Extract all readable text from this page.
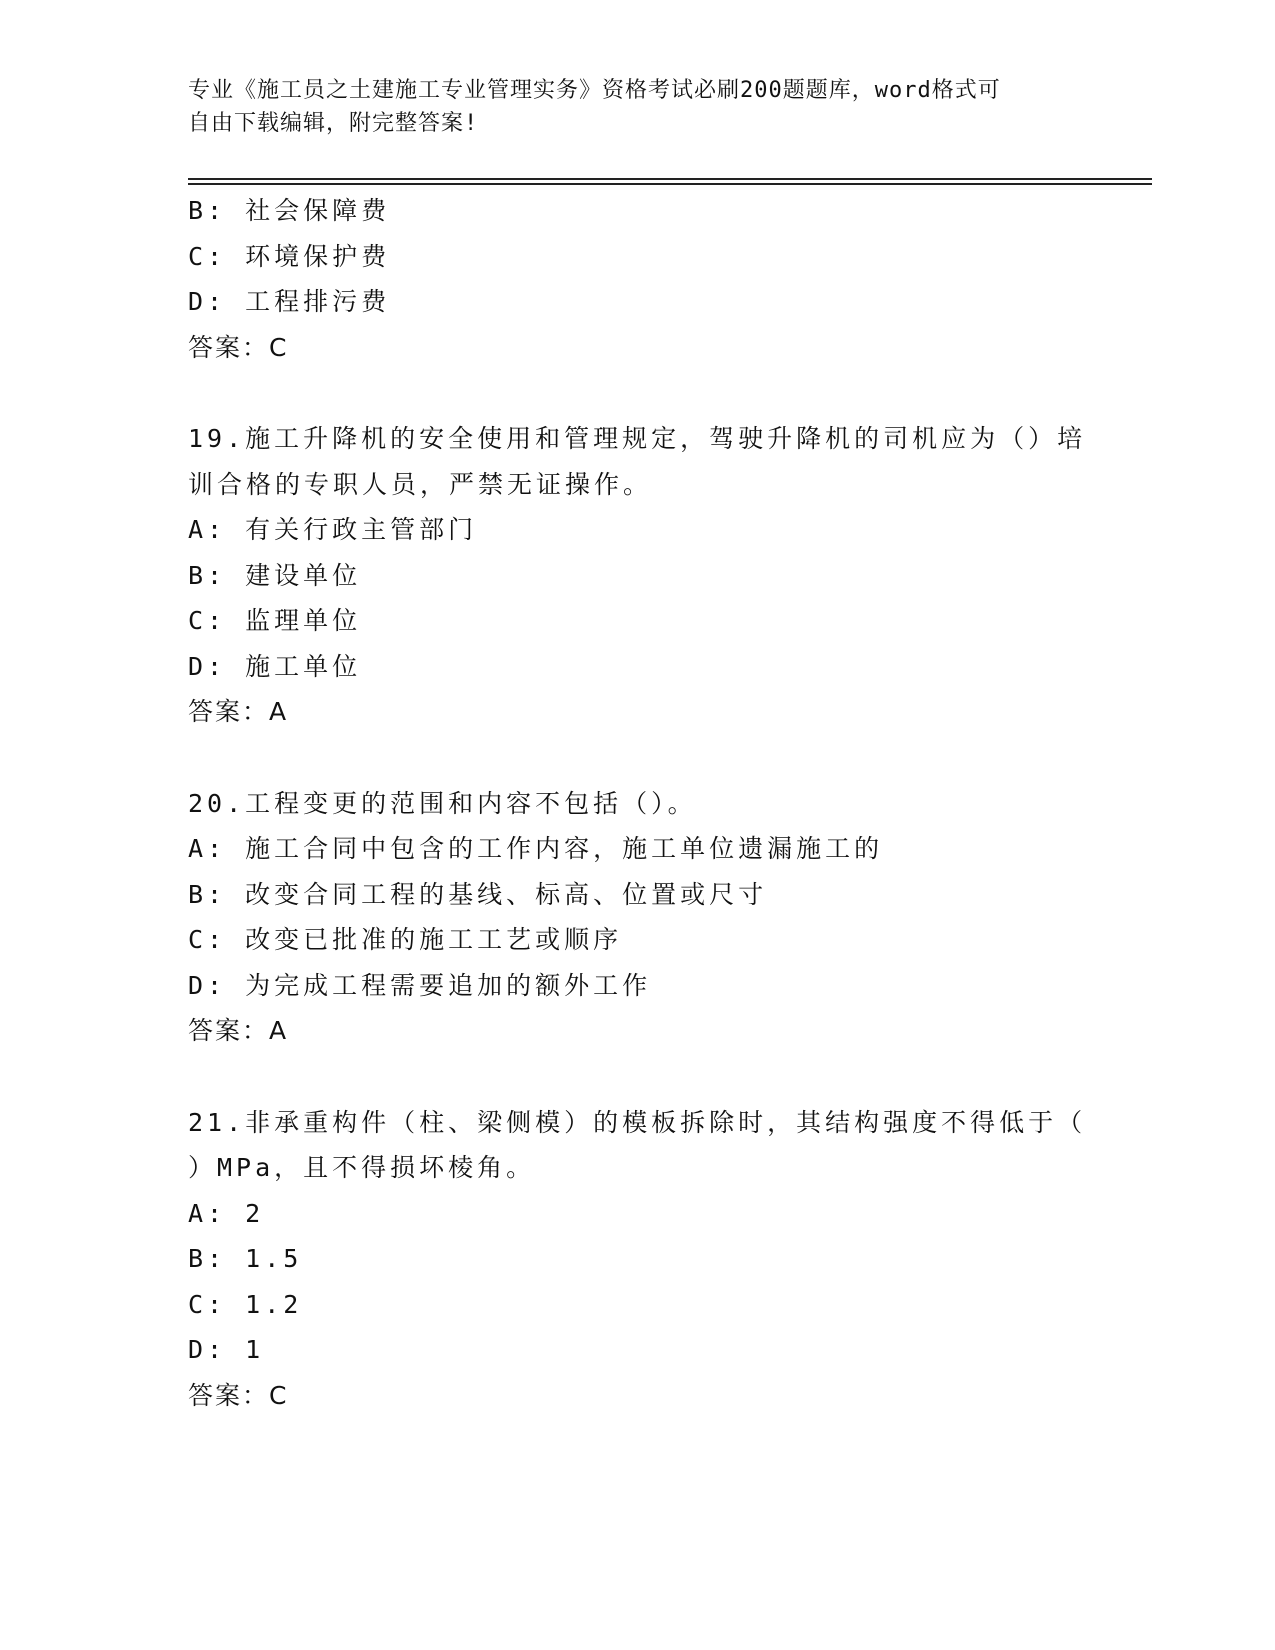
专业《施工员之土建施工专业管理实务》资格考试必刷200题题库，word格式可
自由下载编辑，附完整答案!
B: 社会保障费
C: 环境保护费
D: 工程排污费
答案：C
19.施工升降机的安全使用和管理规定，驾驶升降机的司机应为（）培
训合格的专职人员，严禁无证操作。
A: 有关行政主管部门
B: 建设单位
C: 监理单位
D: 施工单位
答案：A
20.工程变更的范围和内容不包括（）。
A: 施工合同中包含的工作内容，施工单位遗漏施工的
B: 改变合同工程的基线、标高、位置或尺寸
C: 改变已批准的施工工艺或顺序
D: 为完成工程需要追加的额外工作
答案：A
21.非承重构件（柱、梁侧模）的模板拆除时，其结构强度不得低于（
）MPa，且不得损坏棱角。
A: 2
B: 1.5
C: 1.2
D: 1
答案：C
